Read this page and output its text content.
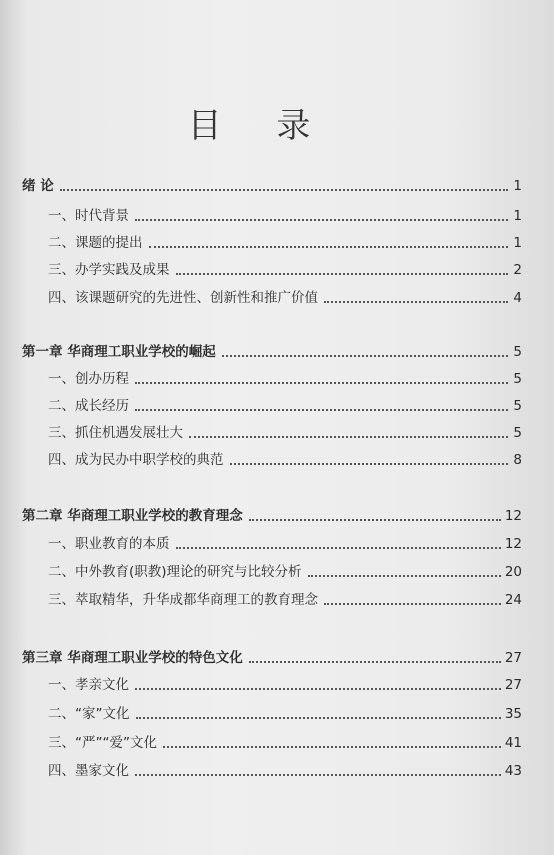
目 录
绪 论	1
一、时代背景	1
二、课题的提出	1
三、办学实践及成果	2
四、该课题研究的先进性、创新性和推广价值	4
第一章 华商理工职业学校的崛起	5
一、创办历程	5
二、成长经历	5
三、抓住机遇发展壮大	5
四、成为民办中职学校的典范	8
第二章 华商理工职业学校的教育理念	12
一、职业教育的本质	12
二、中外教育(职教)理论的研究与比较分析	20
三、萃取精华，升华成都华商理工的教育理念	24
第三章 华商理工职业学校的特色文化	27
一、孝亲文化	27
二、“家”文化	35
三、“严”“爱”文化	41
四、墨家文化	43
